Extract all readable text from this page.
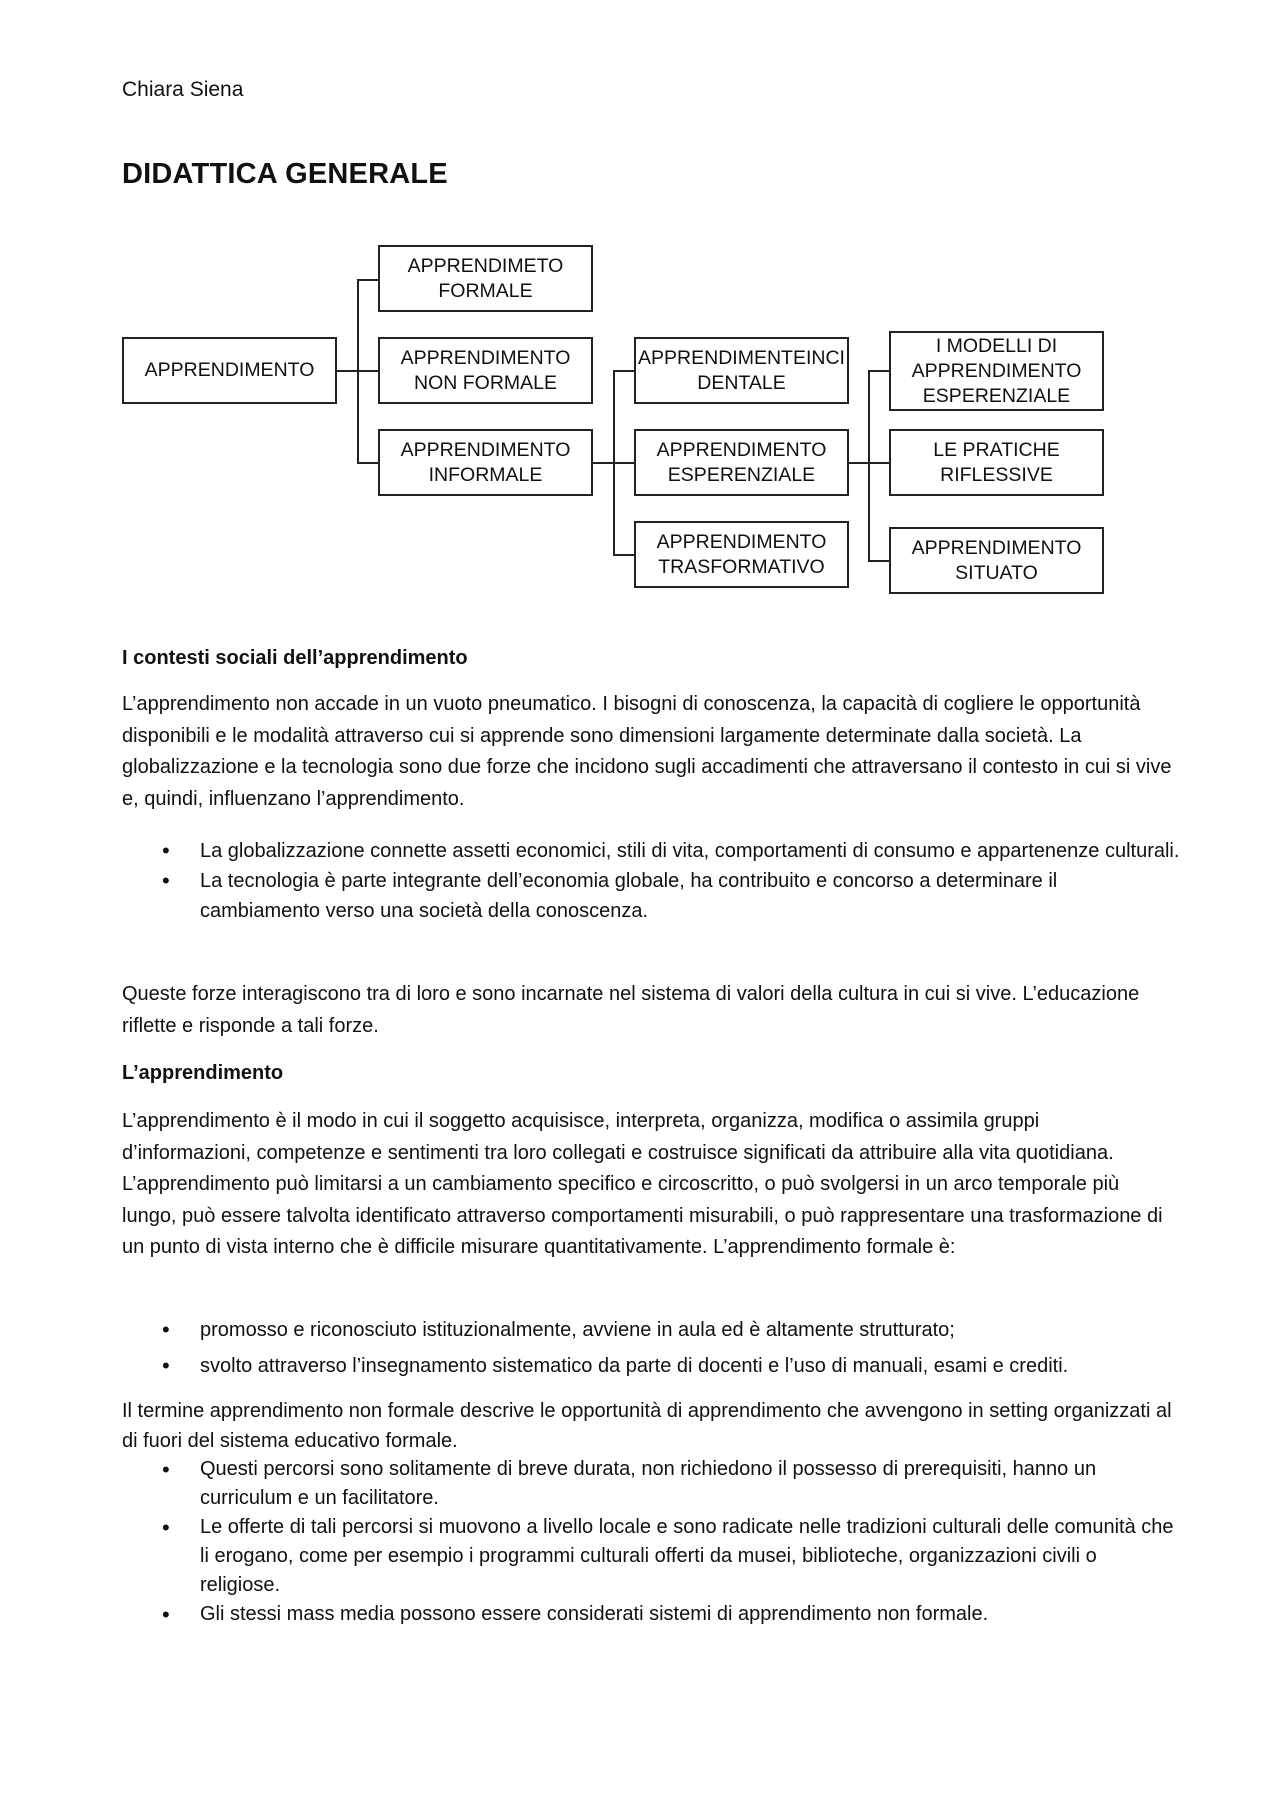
Chiara Siena
DIDATTICA GENERALE
APPRENDIMENTO
APPRENDIMETO
FORMALE
APPRENDIMENTO
NON FORMALE
APPRENDIMENTO
INFORMALE
APPRENDIMENTEINCI
DENTALE
APPRENDIMENTO
ESPERENZIALE
APPRENDIMENTO
TRASFORMATIVO
I MODELLI DI
APPRENDIMENTO
ESPERENZIALE
LE PRATICHE
RIFLESSIVE
APPRENDIMENTO
SITUATO
I contesti sociali dell’apprendimento
L’apprendimento non accade in un vuoto pneumatico. I bisogni di conoscenza, la capacità di cogliere le opportunità disponibili e le modalità attraverso cui si apprende sono dimensioni largamente determinate dalla società. La globalizzazione e la tecnologia sono due forze che incidono sugli accadimenti che attraversano il contesto in cui si vive e, quindi, influenzano l’apprendimento.
• La globalizzazione connette assetti economici, stili di vita, comportamenti di consumo e appartenenze culturali.
• La tecnologia è parte integrante dell’economia globale, ha contribuito e concorso a determinare il cambiamento verso una società della conoscenza.
Queste forze interagiscono tra di loro e sono incarnate nel sistema di valori della cultura in cui si vive. L’educazione riflette e risponde a tali forze.
L’apprendimento
L’apprendimento è il modo in cui il soggetto acquisisce, interpreta, organizza, modifica o assimila gruppi d’informazioni, competenze e sentimenti tra loro collegati e costruisce significati da attribuire alla vita quotidiana. L’apprendimento può limitarsi a un cambiamento specifico e circoscritto, o può svolgersi in un arco temporale più lungo, può essere talvolta identificato attraverso comportamenti misurabili, o può rappresentare una trasformazione di un punto di vista interno che è difficile misurare quantitativamente. L’apprendimento formale è:
• promosso e riconosciuto istituzionalmente, avviene in aula ed è altamente strutturato;
• svolto attraverso l’insegnamento sistematico da parte di docenti e l’uso di manuali, esami e crediti.
Il termine apprendimento non formale descrive le opportunità di apprendimento che avvengono in setting organizzati al di fuori del sistema educativo formale.
• Questi percorsi sono solitamente di breve durata, non richiedono il possesso di prerequisiti, hanno un curriculum e un facilitatore.
• Le offerte di tali percorsi si muovono a livello locale e sono radicate nelle tradizioni culturali delle comunità che li erogano, come per esempio i programmi culturali offerti da musei, biblioteche, organizzazioni civili o religiose.
• Gli stessi mass media possono essere considerati sistemi di apprendimento non formale.
